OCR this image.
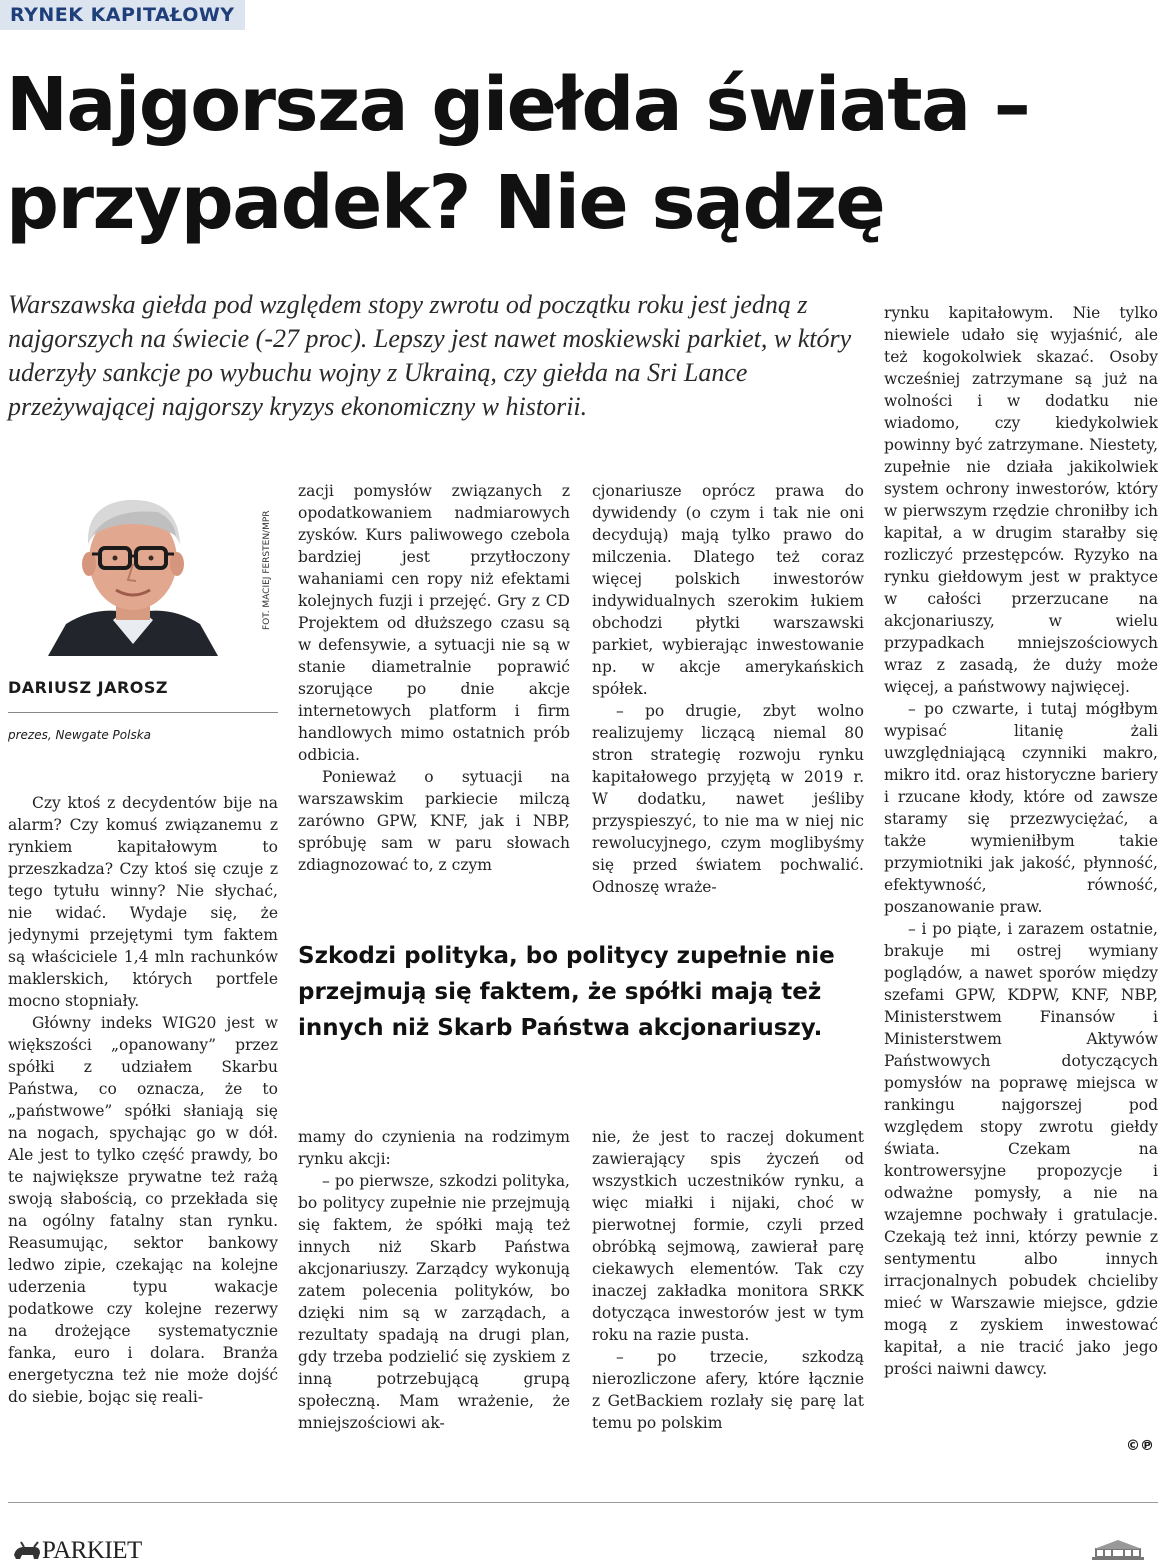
RYNEK KAPITAŁOWY
Najgorsza giełda świata – przypadek? Nie sądzę

Warszawska giełda pod względem stopy zwrotu od początku roku jest jedną z najgorszych na świecie (-27 proc). Lepszy jest nawet moskiewski parkiet, w który uderzyły sankcje po wybuchu wojny z Ukrainą, czy giełda na Sri Lance przeżywającej najgorszy kryzys ekonomiczny w historii.

FOT. MACIEJ FERSTEN/MPR

DARIUSZ JAROSZ

prezes, Newgate Polska

Czy ktoś z decydentów bije na alarm? Czy komuś związanemu z rynkiem kapitałowym to przeszkadza? Czy ktoś się czuje z tego tytułu winny? Nie słychać, nie widać. Wydaje się, że jedynymi przejętymi tym faktem są właściciele 1,4 mln rachunków maklerskich, których portfele mocno stopniały.

Główny indeks WIG20 jest w większości „opanowany” przez spółki z udziałem Skarbu Państwa, co oznacza, że to „państwowe” spółki słaniają się na nogach, spychając go w dół. Ale jest to tylko część prawdy, bo te największe prywatne też rażą swoją słabością, co przekłada się na ogólny fatalny stan rynku. Reasumując, sektor bankowy ledwo zipie, czekając na kolejne uderzenia typu wakacje podatkowe czy kolejne rezerwy na drożejące systematycznie fanka, euro i dolara. Branża energetyczna też nie może dojść do siebie, bojąc się reali-

zacji pomysłów związanych z opodatkowaniem nadmiarowych zysków. Kurs paliwowego czebola bardziej jest przytłoczony wahaniami cen ropy niż efektami kolejnych fuzji i przejęć. Gry z CD Projektem od dłuższego czasu są w defensywie, a sytuacji nie są w stanie diametralnie poprawić szorujące po dnie akcje internetowych platform i firm handlowych mimo ostatnich prób odbicia.

Ponieważ o sytuacji na warszawskim parkiecie milczą zarówno GPW, KNF, jak i NBP, spróbuję sam w paru słowach zdiagnozować to, z czym

cjonariusze oprócz prawa do dywidendy (o czym i tak nie oni decydują) mają tylko prawo do milczenia. Dlatego też coraz więcej polskich inwestorów indywidualnych szerokim łukiem obchodzi płytki warszawski parkiet, wybierając inwestowanie np. w akcje amerykańskich spółek.

– po drugie, zbyt wolno realizujemy liczącą niemal 80 stron strategię rozwoju rynku kapitałowego przyjętą w 2019 r. W dodatku, nawet jeśliby przyspieszyć, to nie ma w niej nic rewolucyjnego, czym moglibyśmy się przed światem pochwalić. Odnoszę wraże-

Szkodzi polityka, bo politycy zupełnie nie przejmują się faktem, że spółki mają też innych niż Skarb Państwa akcjonariuszy.

mamy do czynienia na rodzimym rynku akcji:

– po pierwsze, szkodzi polityka, bo politycy zupełnie nie przejmują się faktem, że spółki mają też innych niż Skarb Państwa akcjonariuszy. Zarządcy wykonują zatem polecenia polityków, bo dzięki nim są w zarządach, a rezultaty spadają na drugi plan, gdy trzeba podzielić się zyskiem z inną potrzebującą grupą społeczną. Mam wrażenie, że mniejszościowi ak-

nie, że jest to raczej dokument zawierający spis życzeń od wszystkich uczestników rynku, a więc miałki i nijaki, choć w pierwotnej formie, czyli przed obróbką sejmową, zawierał parę ciekawych elementów. Tak czy inaczej zakładka monitora SRKK dotycząca inwestorów jest w tym roku na razie pusta.

– po trzecie, szkodzą nierozliczone afery, które łącznie z GetBackiem rozlały się parę lat temu po polskim

rynku kapitałowym. Nie tylko niewiele udało się wyjaśnić, ale też kogokolwiek skazać. Osoby wcześniej zatrzymane są już na wolności i w dodatku nie wiadomo, czy kiedykolwiek powinny być zatrzymane. Niestety, zupełnie nie działa jakikolwiek system ochrony inwestorów, który w pierwszym rzędzie chroniłby ich kapitał, a w drugim starałby się rozliczyć przestępców. Ryzyko na rynku giełdowym jest w praktyce w całości przerzucane na akcjonariuszy, w wielu przypadkach mniejszościowych wraz z zasadą, że duży może więcej, a państwowy najwięcej.

– po czwarte, i tutaj mógłbym wypisać litanię żali uwzględniającą czynniki makro, mikro itd. oraz historyczne bariery i rzucane kłody, które od zawsze staramy się przezwyciężać, a także wymieniłbym takie przymiotniki jak jakość, płynność, efektywność, równość, poszanowanie praw.

– i po piąte, i zarazem ostatnie, brakuje mi ostrej wymiany poglądów, a nawet sporów między szefami GPW, KDPW, KNF, NBP, Ministerstwem Finansów i Ministerstwem Aktywów Państwowych dotyczących pomysłów na poprawę miejsca w rankingu najgorszej pod względem stopy zwrotu giełdy świata. Czekam na kontrowersyjne propozycje i odważne pomysły, a nie na wzajemne pochwały i gratulacje. Czekają też inni, którzy pewnie z sentymentu albo innych irracjonalnych pobudek chcieliby mieć w Warszawie miejsce, gdzie mogą z zyskiem inwestować kapitał, a nie tracić jako jego prości naiwni dawcy.

©℗
PARKIET
